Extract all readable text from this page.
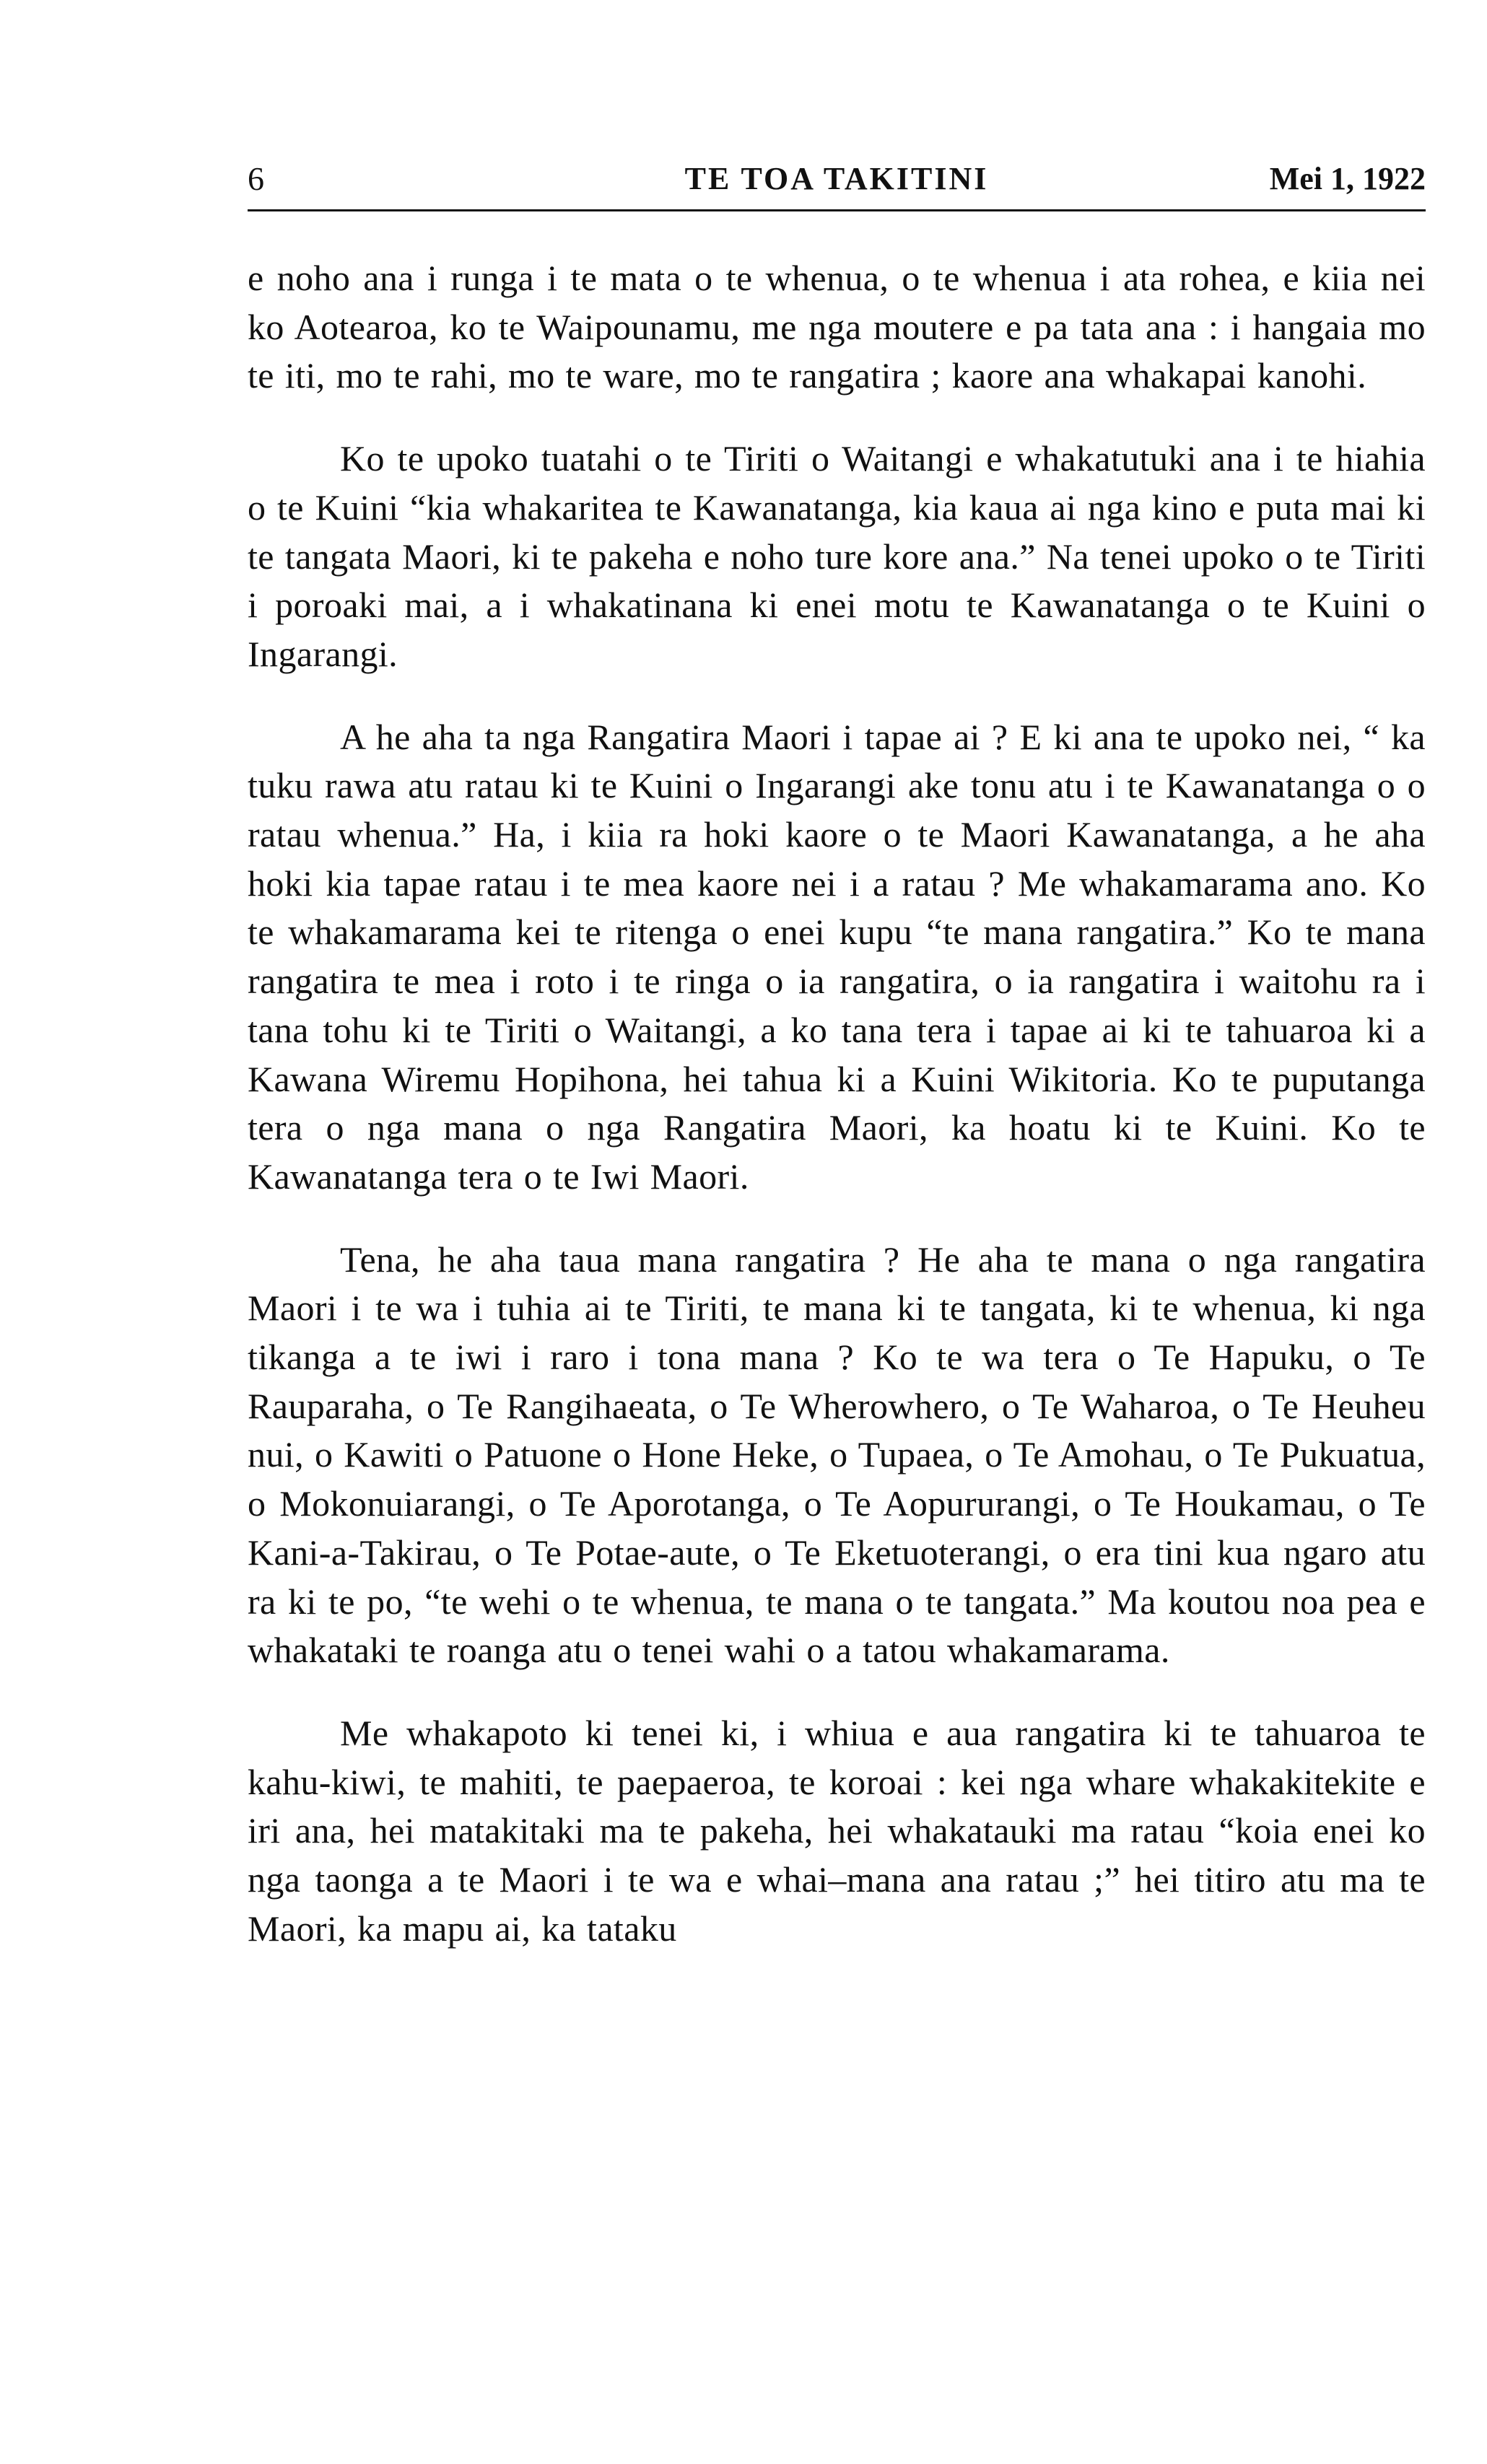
6	TE TOA TAKITINI	Mei 1, 1922

e noho ana i runga i te mata o te whenua, o te whenua i ata rohea, e kiia nei ko Aotearoa, ko te Waipounamu, me nga moutere e pa tata ana : i hangaia mo te iti, mo te rahi, mo te ware, mo te rangatira ; kaore ana whakapai kanohi.

Ko te upoko tuatahi o te Tiriti o Waitangi e whakatutuki ana i te hiahia o te Kuini “kia whakaritea te Kawanatanga, kia kaua ai nga kino e puta mai ki te tangata Maori, ki te pakeha e noho ture kore ana.” Na tenei upoko o te Tiriti i poroaki mai, a i whakatinana ki enei motu te Kawanatanga o te Kuini o Ingarangi.

A he aha ta nga Rangatira Maori i tapae ai ? E ki ana te upoko nei, “ ka tuku rawa atu ratau ki te Kuini o Ingarangi ake tonu atu i te Kawanatanga o o ratau whenua.” Ha, i kiia ra hoki kaore o te Maori Kawanatanga, a he aha hoki kia tapae ratau i te mea kaore nei i a ratau ? Me whakamarama ano. Ko te whakamarama kei te ritenga o enei kupu “te mana rangatira.” Ko te mana rangatira te mea i roto i te ringa o ia rangatira, o ia rangatira i waitohu ra i tana tohu ki te Tiriti o Waitangi, a ko tana tera i tapae ai ki te tahuaroa ki a Kawana Wiremu Hopihona, hei tahua ki a Kuini Wikitoria. Ko te puputanga tera o nga mana o nga Rangatira Maori, ka hoatu ki te Kuini. Ko te Kawanatanga tera o te Iwi Maori.

Tena, he aha taua mana rangatira ? He aha te mana o nga rangatira Maori i te wa i tuhia ai te Tiriti, te mana ki te tangata, ki te whenua, ki nga tikanga a te iwi i raro i tona mana ? Ko te wa tera o Te Hapuku, o Te Rauparaha, o Te Rangihaeata, o Te Wherowhero, o Te Waharoa, o Te Heuheu nui, o Kawiti o Patuone o Hone Heke, o Tupaea, o Te Amohau, o Te Pukuatua, o Mokonuiarangi, o Te Aporotanga, o Te Aopururangi, o Te Houkamau, o Te Kani-a-Takirau, o Te Potae-aute, o Te Eketuoterangi, o era tini kua ngaro atu ra ki te po, “te wehi o te whenua, te mana o te tangata.” Ma koutou noa pea e whakataki te roanga atu o tenei wahi o a tatou whakamarama.

Me whakapoto ki tenei ki, i whiua e aua rangatira ki te tahuaroa te kahu-kiwi, te mahiti, te paepaeroa, te koroai : kei nga whare whakakitekite e iri ana, hei matakitaki ma te pakeha, hei whakatauki ma ratau “koia enei ko nga taonga a te Maori i te wa e whai–mana ana ratau ;” hei titiro atu ma te Maori, ka mapu ai, ka tataku
